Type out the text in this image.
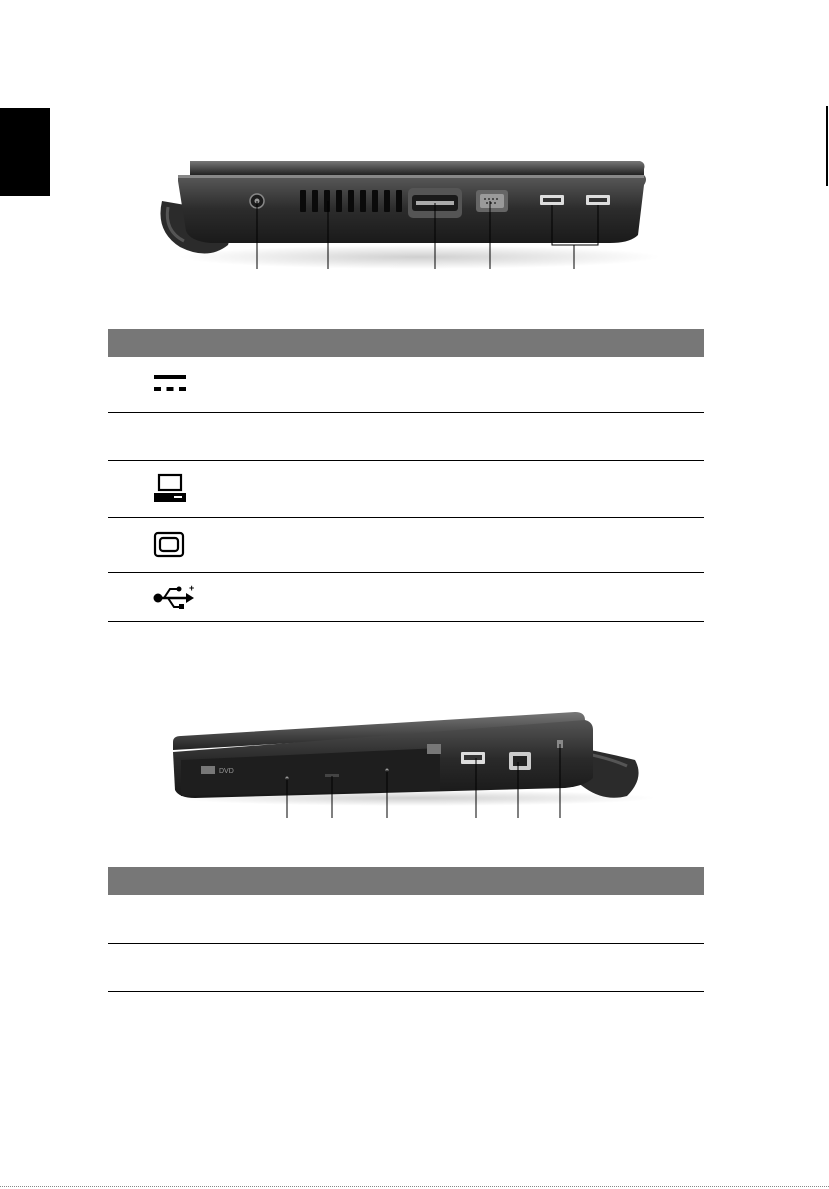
+
DVD
